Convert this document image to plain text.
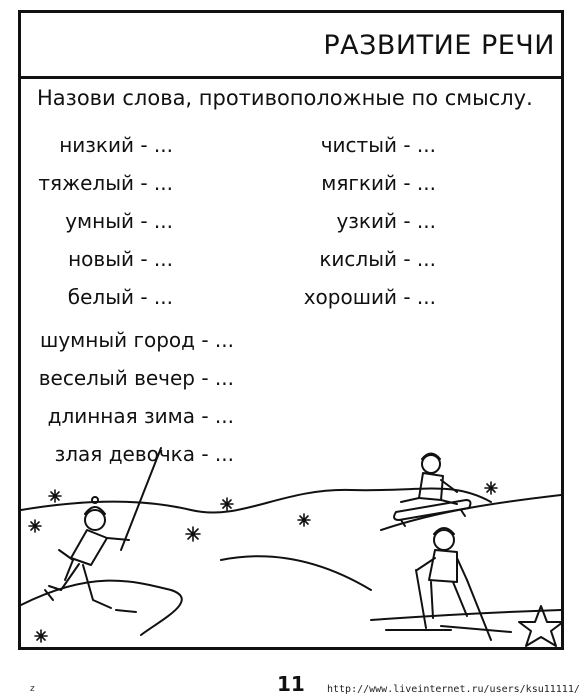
РАЗВИТИЕ РЕЧИ
Назови слова, противоположные по смыслу.
низкий - ...
тяжелый - ...
умный - ...
новый - ...
белый - ...
чистый - ...
мягкий - ...
узкий - ...
кислый - ...
хороший - ...
шумный город - ...
веселый вечер - ...
длинная зима - ...
злая девочка - ...
z	11 http://www.liveinternet.ru/users/ksu11111/
